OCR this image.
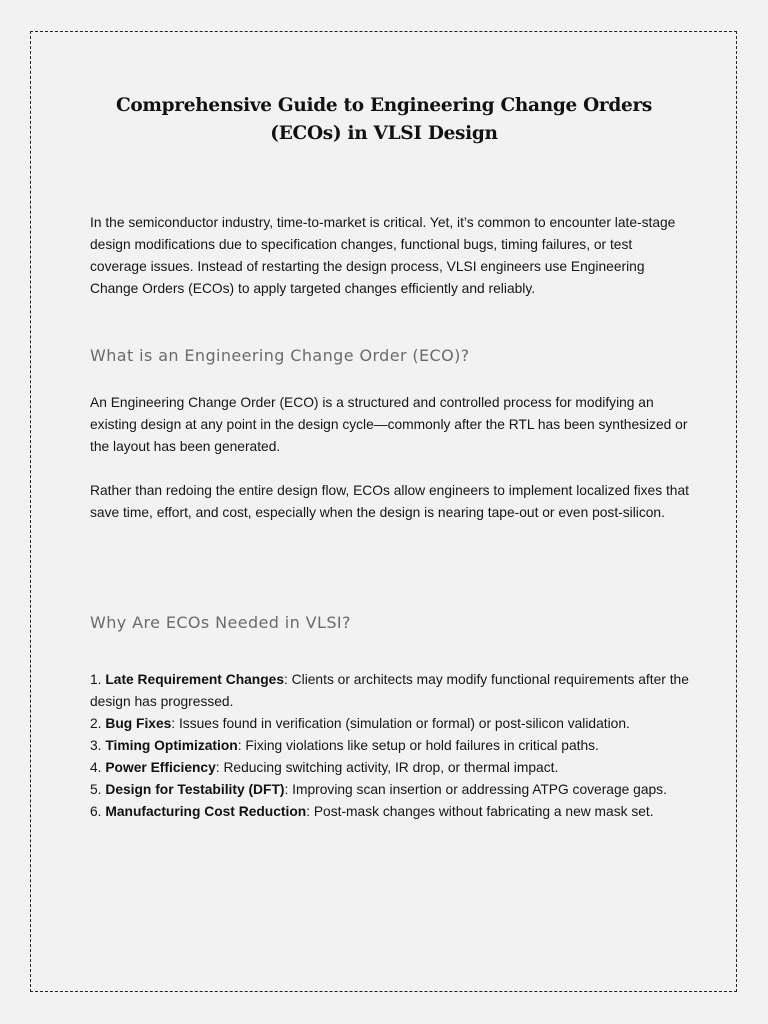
Comprehensive Guide to Engineering Change Orders (ECOs) in VLSI Design

In the semiconductor industry, time-to-market is critical. Yet, it’s common to encounter late-stage design modifications due to specification changes, functional bugs, timing failures, or test coverage issues. Instead of restarting the design process, VLSI engineers use Engineering Change Orders (ECOs) to apply targeted changes efficiently and reliably.

What is an Engineering Change Order (ECO)?

An Engineering Change Order (ECO) is a structured and controlled process for modifying an existing design at any point in the design cycle—commonly after the RTL has been synthesized or the layout has been generated.

Rather than redoing the entire design flow, ECOs allow engineers to implement localized fixes that save time, effort, and cost, especially when the design is nearing tape-out or even post-silicon.

Why Are ECOs Needed in VLSI?
1. Late Requirement Changes: Clients or architects may modify functional requirements after the design has progressed.
2. Bug Fixes: Issues found in verification (simulation or formal) or post-silicon validation.
3. Timing Optimization: Fixing violations like setup or hold failures in critical paths.
4. Power Efficiency: Reducing switching activity, IR drop, or thermal impact.
5. Design for Testability (DFT): Improving scan insertion or addressing ATPG coverage gaps.
6. Manufacturing Cost Reduction: Post-mask changes without fabricating a new mask set.
